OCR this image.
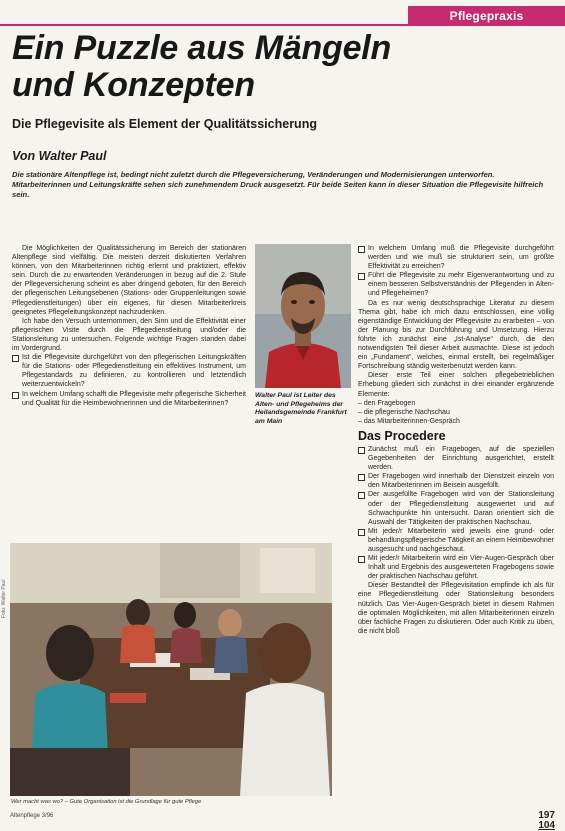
Pflegepraxis
Ein Puzzle aus Mängeln
und Konzepten
Die Pflegevisite als Element der Qualitätssicherung
Von Walter Paul
Die stationäre Altenpflege ist, bedingt nicht zuletzt durch die Pflegeversicherung, Veränderungen und Modernisierungen unterworfen. Mitarbeiterinnen und Leitungskräfte sehen sich zunehmendem Druck ausgesetzt. Für beide Seiten kann in dieser Situation die Pflegevisite hilfreich sein.

Die Möglichkeiten der Qualitätssicherung im Bereich der stationären Altenpflege sind vielfältig. Die meisten derzeit diskutierten Verfahren können, von den Mitarbeiterinnen richtig erlernt und praktiziert, effektiv sein. Durch die zu erwartenden Veränderungen in bezug auf die 2. Stufe der Pflegeversicherung scheint es aber dringend geboten, für den Bereich der pflegerischen Leitungsebenen (Stations- oder Gruppenleitungen sowie Pflegedienstleitungen) über ein eigenes, für diesen Mitarbeiterkreis geeignetes Pflegeleitungskonzept nachzudenken.

Ich habe den Versuch unternommen, den Sinn und die Effektivität einer pflegerischen Visite durch die Pflegedienstleitung und/oder die Stationsleitung zu untersuchen. Folgende wichtige Fragen standen dabei im Vordergrund.

Ist die Pflegevisite durchgeführt von den pflegerischen Leitungskräften für die Stations- oder Pflegedienstleitung ein effektives Instrument, um Pflegestandards zu definieren, zu kontrollieren und letztendlich weiterzuentwickeln?
In welchem Umfang schafft die Pflegevisite mehr pflegerische Sicherheit und Qualität für die Heimbewohnerinnen und die Mitarbeiterinnen?
Walter Paul ist Leiter des Alten- und Pflegeheims der Heilandsgemeinde Frankfurt am Main
In welchem Umfang muß die Pflegevisite durchgeführt werden und wie muß sie strukturiert sein, um größte Effektivität zu erreichen?
Führt die Pflegevisite zu mehr Eigenverantwortung und zu einem besseren Selbstverständnis der Pflegenden in Alten- und Pflegeheimen?

Da es nur wenig deutschsprachige Literatur zu diesem Thema gibt, habe ich mich dazu entschlossen, eine völlig eigenständige Entwicklung der Pflegevisite zu erarbeiten – von der Planung bis zur Durchführung und Umsetzung. Hierzu führte ich zunächst eine „Ist-Analyse“ durch, die den notwendigsten Teil dieser Arbeit ausmachte. Diese ist jedoch ein „Fundament“, welches, einmal erstellt, bei regelmäßiger Fortschreibung ständig weiterbenutzt werden kann.

Dieser erste Teil einer solchen pflegebetrieblichen Erhebung gliedert sich zunächst in drei einander ergänzende Elemente:

– den Fragebogen

– die pflegerische Nachschau

– das Mitarbeiterinnen-Gespräch

Das Procedere
Zunächst muß ein Fragebogen, auf die speziellen Gegebenheiten der Einrichtung ausgerichtet, erstellt werden.
Der Fragebogen wird innerhalb der Dienstzeit einzeln von den Mitarbeiterinnen im Beisein ausgefüllt.
Der ausgefüllte Fragebogen wird von der Stationsleitung oder der Pflegedienstleitung ausgewertet und auf Schwachpunkte hin untersucht. Daran orientiert sich die Auswahl der Tätigkeiten der praktischen Nachschau.
Mit jeder/r Mitarbeiterin wird jeweils eine grund- oder behandlungspflegerische Tätigkeit an einem Heimbewohner ausgesucht und nachgeschaut.
Mit jeder/r Mitarbeiterin wird ein Vier-Augen-Gespräch über Inhalt und Ergebnis des ausgewerteten Fragebogens sowie der praktischen Nachschau geführt.

Dieser Bestandteil der Pflegevisitation empfinde ich als für eine Pflegedienstleitung oder Stationsleitung besonders nützlich. Das Vier-Augen-Gespräch bietet in diesem Rahmen die optimalen Möglichkeiten, mit allen Mitarbeiterinnen einzeln über fachliche Fragen zu diskutieren. Oder auch Kritik zu üben, die nicht bloß

Foto: Walter Paul
Wer macht was wo? – Gute Organisation ist die Grundlage für gute Pflege
Altenpflege 3/96	197
104
